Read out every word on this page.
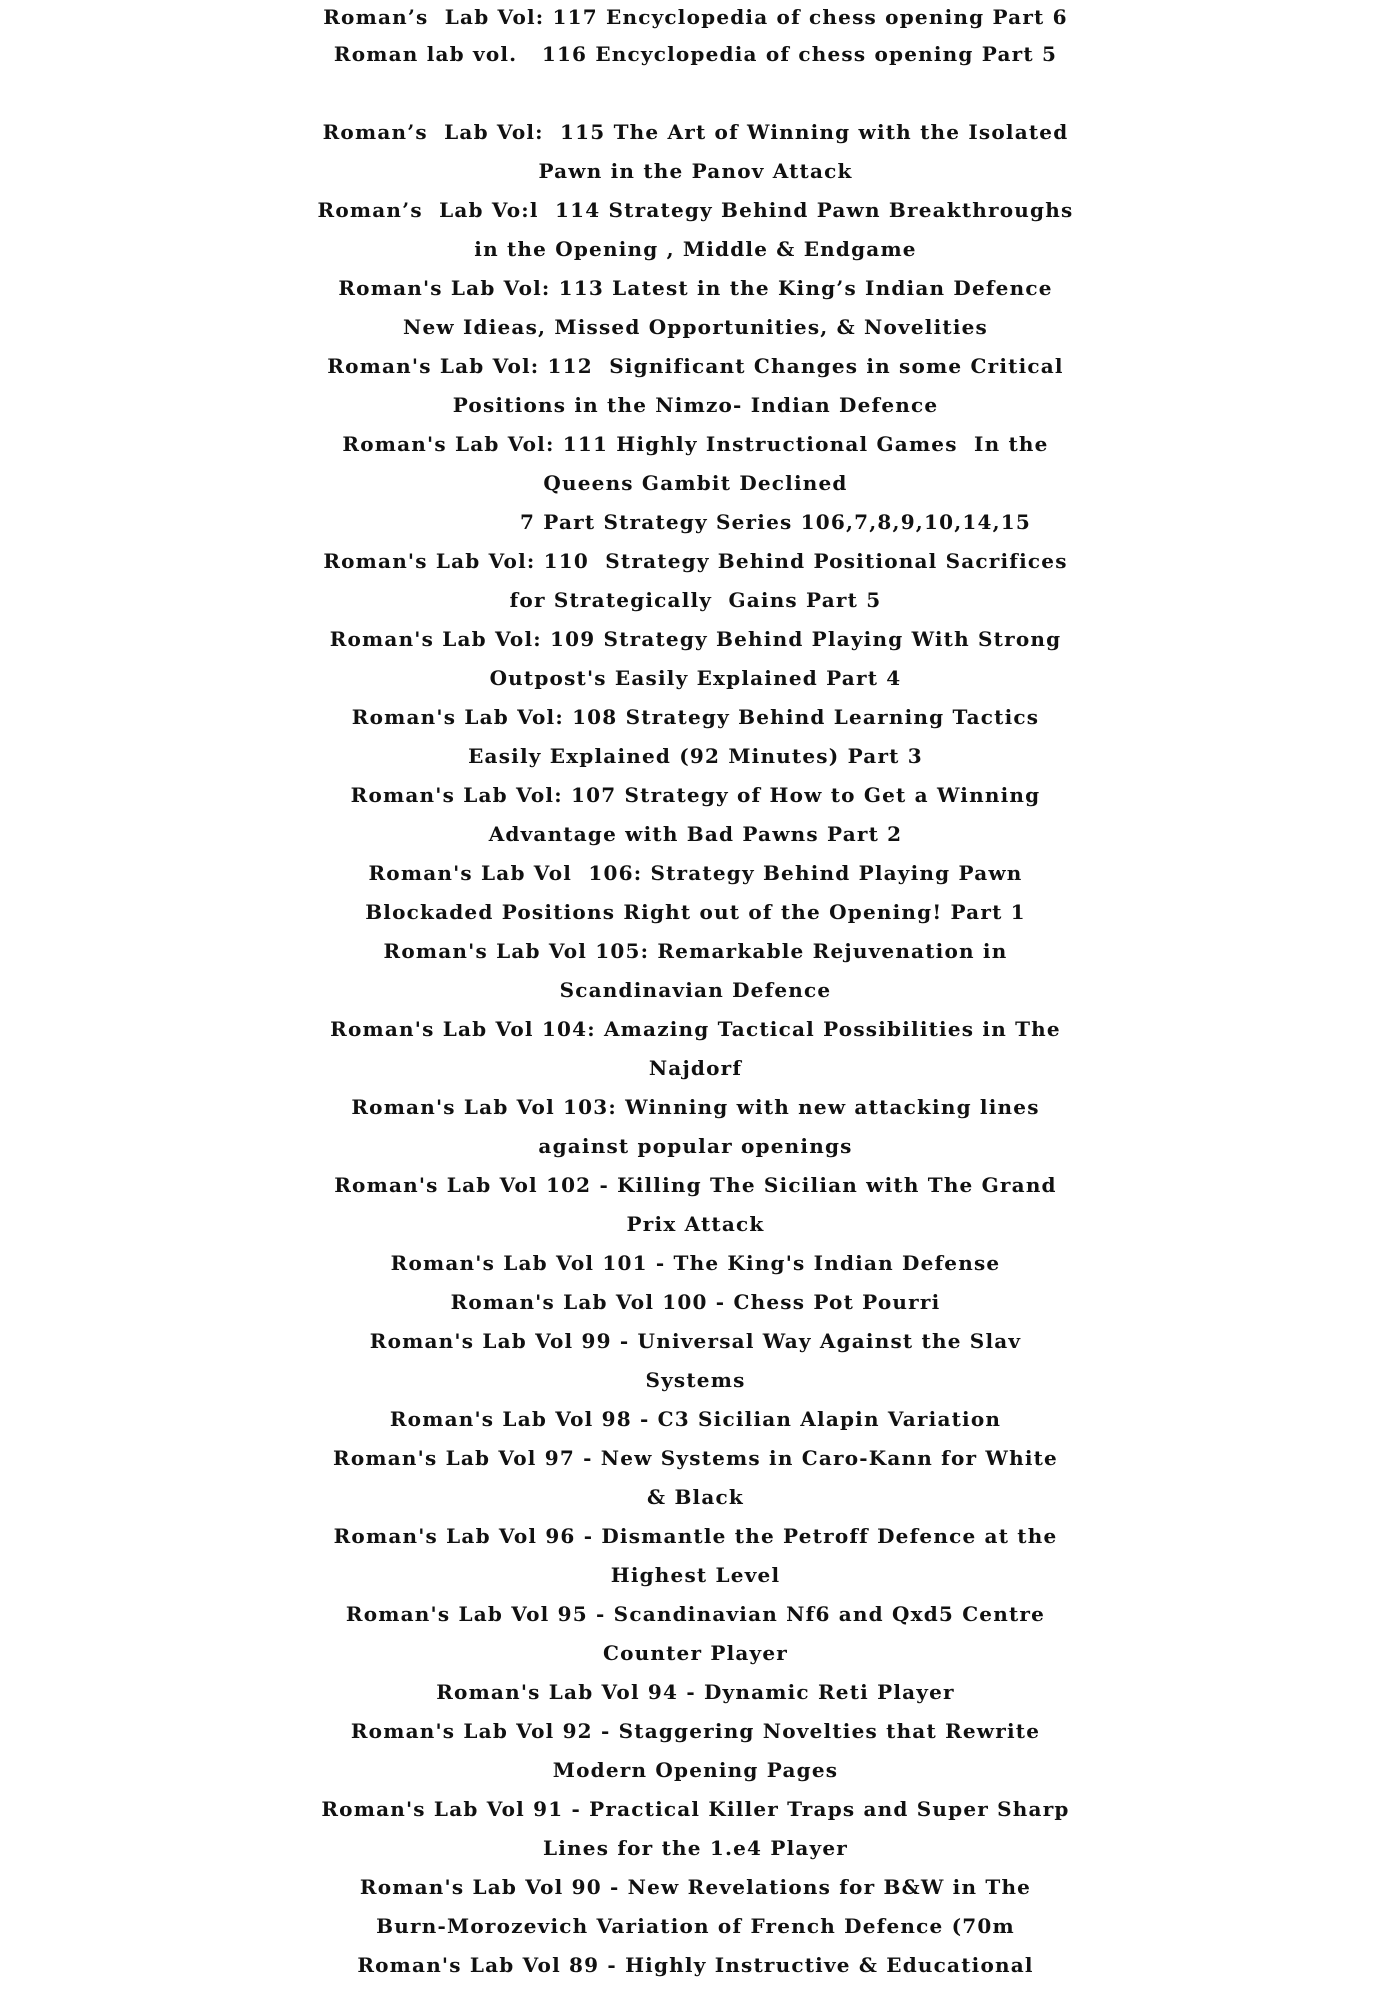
Roman’s  Lab Vol: 117 Encyclopedia of chess opening Part 6
Roman lab vol.   116 Encyclopedia of chess opening Part 5
Roman’s  Lab Vol:  115 The Art of Winning with the Isolated
Pawn in the Panov Attack
Roman’s  Lab Vo:l  114 Strategy Behind Pawn Breakthroughs
in the Opening , Middle & Endgame
Roman's Lab Vol: 113 Latest in the King’s Indian Defence
New Idieas, Missed Opportunities, & Novelities
Roman's Lab Vol: 112  Significant Changes in some Critical
Positions in the Nimzo- Indian Defence
Roman's Lab Vol: 111 Highly Instructional Games  In the
Queens Gambit Declined
7 Part Strategy Series 106,7,8,9,10,14,15
Roman's Lab Vol: 110  Strategy Behind Positional Sacrifices
for Strategically  Gains Part 5
Roman's Lab Vol: 109 Strategy Behind Playing With Strong
Outpost's Easily Explained Part 4
Roman's Lab Vol: 108 Strategy Behind Learning Tactics
Easily Explained (92 Minutes) Part 3
Roman's Lab Vol: 107 Strategy of How to Get a Winning
Advantage with Bad Pawns Part 2
Roman's Lab Vol  106: Strategy Behind Playing Pawn
Blockaded Positions Right out of the Opening! Part 1
Roman's Lab Vol 105: Remarkable Rejuvenation in
Scandinavian Defence
Roman's Lab Vol 104: Amazing Tactical Possibilities in The
Najdorf
Roman's Lab Vol 103: Winning with new attacking lines
against popular openings
Roman's Lab Vol 102 - Killing The Sicilian with The Grand
Prix Attack
Roman's Lab Vol 101 - The King's Indian Defense
Roman's Lab Vol 100 - Chess Pot Pourri
Roman's Lab Vol 99 - Universal Way Against the Slav
Systems
Roman's Lab Vol 98 - C3 Sicilian Alapin Variation
Roman's Lab Vol 97 - New Systems in Caro-Kann for White
& Black
Roman's Lab Vol 96 - Dismantle the Petroff Defence at the
Highest Level
Roman's Lab Vol 95 - Scandinavian Nf6 and Qxd5 Centre
Counter Player
Roman's Lab Vol 94 - Dynamic Reti Player
Roman's Lab Vol 92 - Staggering Novelties that Rewrite
Modern Opening Pages
Roman's Lab Vol 91 - Practical Killer Traps and Super Sharp
Lines for the 1.e4 Player
Roman's Lab Vol 90 - New Revelations for B&W in The
Burn-Morozevich Variation of French Defence (70m
Roman's Lab Vol 89 - Highly Instructive & Educational
